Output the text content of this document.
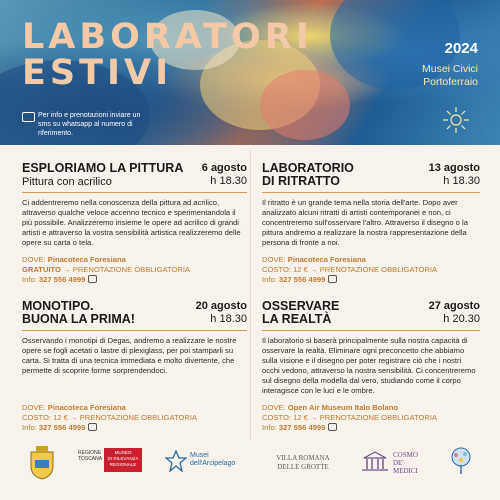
LABORATORI
ESTIVI
2024
Musei Civici
Portoferraio
Per info e prenotazioni inviare un sms su whatsapp al numero di riferimento.
ESPLORIAMO LA PITTURA
Pittura con acrilico
6 agosto
h 18.30
Ci addentreremo nella conoscenza della pittura ad acrilico, attraverso qualche veloce accenno tecnico e sperimentandola il più possibile. Analizzeremo insieme le opere ad acrilico di grandi artisti e attraverso la vostra sensibilità artistica realizzeremo delle opere su carta o tela.
DOVE: Pinacoteca Foresiana
GRATUITO → PRENOTAZIONE OBBLIGATORIA
Info: 327 556 4999
LABORATORIO
DI RITRATTO
13 agosto
h 18.30
Il ritratto è un grande tema nella storia dell'arte. Dopo aver analizzato alcuni ritratti di artisti contemporanei e non, ci concentreremo sull'osservare l'altro. Attraverso il disegno o la pittura andremo a realizzare la nostra rappresentazione della persona di fronte a noi.
DOVE: Pinacoteca Foresiana
COSTO: 12 € → PRENOTAZIONE OBBLIGATORIA
Info: 327 556 4999
MONOTIPO.
BUONA LA PRIMA!
20 agosto
h 18.30
Osservando i monotipi di Degas, andremo a realizzare le nostre opere se fogli acetati o lastre di plexiglass, per poi stamparli su carta. Si tratta di una tecnica immediata e molto divertente, che permette di scoprire forme sorprendendoci.
DOVE: Pinacoteca Foresiana
COSTO: 12 € → PRENOTAZIONE OBBLIGATORIA
Info: 327 556 4999
OSSERVARE
LA REALTÀ
27 agosto
h 20.30
Il laboratorio si baserà principalmente sulla nostra capacità di osservare la realtà. Eliminare ogni preconcetto che abbiamo sulla visione e il disegno per poter registrare ciò che i nostri occhi vedono, attraverso la nostra sensibilità. Ci concentreremo sul disegno della modella dal vero, studiando come il corpo interagisce con le luci e le ombre.
DOVE: Open Air Museum Italo Bolano
COSTO: 12 € → PRENOTAZIONE OBBLIGATORIA
Info: 327 556 4999
REGIONE
TOSCANA
MUSEO
DI RILEVANZA
REGIONALE
Musei
dell'Arcipelago
VILLA ROMANA
DELLE GROTTE
COSMO
DE' MEDICI
